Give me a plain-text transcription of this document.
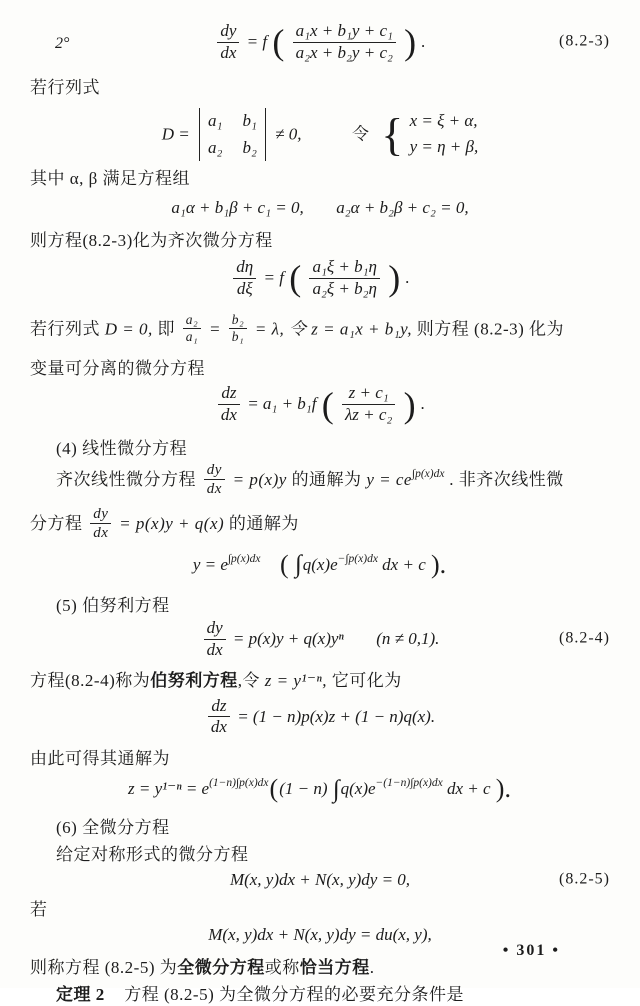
2°	$\frac{dy}{dx} = f$ ( $\frac{\text{a₁x + b₁y + c₁}}{\text{a₂x + b₂y + c₂}}$ ) .	(8.2-3)
若行列式
D =
a₁ b₁
a₂ b₂
≠ 0,	令 { x = ξ + α,
y = η + β,
其中 α, β 满足方程组
a₁α + b₁β + c₁ = 0, a₂α + b₂β + c₂ = 0,
则方程(8.2-3)化为齐次微分方程
$\frac{d\eta}{d\xi} = f$ ( $\frac{\text{a₁ξ + b₁η}}{\text{a₂ξ + b₂η}}$ ) .
若行列式 D = 0, 即 $\frac{\text{a₂}}{\text{a₁}} = \frac{\text{b₂}}{\text{b₁}} = \lambda$, 令 z = a₁x + b₁y, 则方程 (8.2-3) 化为
变量可分离的微分方程
$\frac{dz}{dx} = a_1 + b_1f$ ( $\frac{\text{z + c₁}}{\text{λz + c₂}}$ ) .
(4) 线性微分方程
齐次线性微分方程 $\frac{dy}{dx} = p(x)y$ 的通解为 $y = ce^{\int p(x)dx}$ . 非齐次线性微
分方程 $\frac{dy}{dx} = p(x)y + q(x)$ 的通解为
$y = e^{\int p(x)dx}$ ( $\int q(x)e^{-\int p(x)dx}$ dx + c ).
(5) 伯努利方程
$\frac{dy}{dx} = p(x)y + q(x)y^n$ (n ≠ 0,1).	(8.2-4)
方程(8.2-4)称为伯努利方程,令 z = y¹⁻ⁿ, 它可化为
$\frac{dz}{dx} = (1 - n)p(x)z + (1 - n)q(x)$.
由此可得其通解为
$z = y^{1-n} = e^{(1-n)\int p(x)dx}((1 - n)$ $\int q(x)e^{-(1-n)\int p(x)dx}$ dx + c ).
(6) 全微分方程
给定对称形式的微分方程
M(x, y)dx + N(x, y)dy = 0,	(8.2-5)
若
M(x, y)dx + N(x, y)dy = du(x, y),
则称方程 (8.2-5) 为全微分方程或称恰当方程.
定理 2 方程 (8.2-5) 为全微分方程的必要充分条件是
• 301 •
